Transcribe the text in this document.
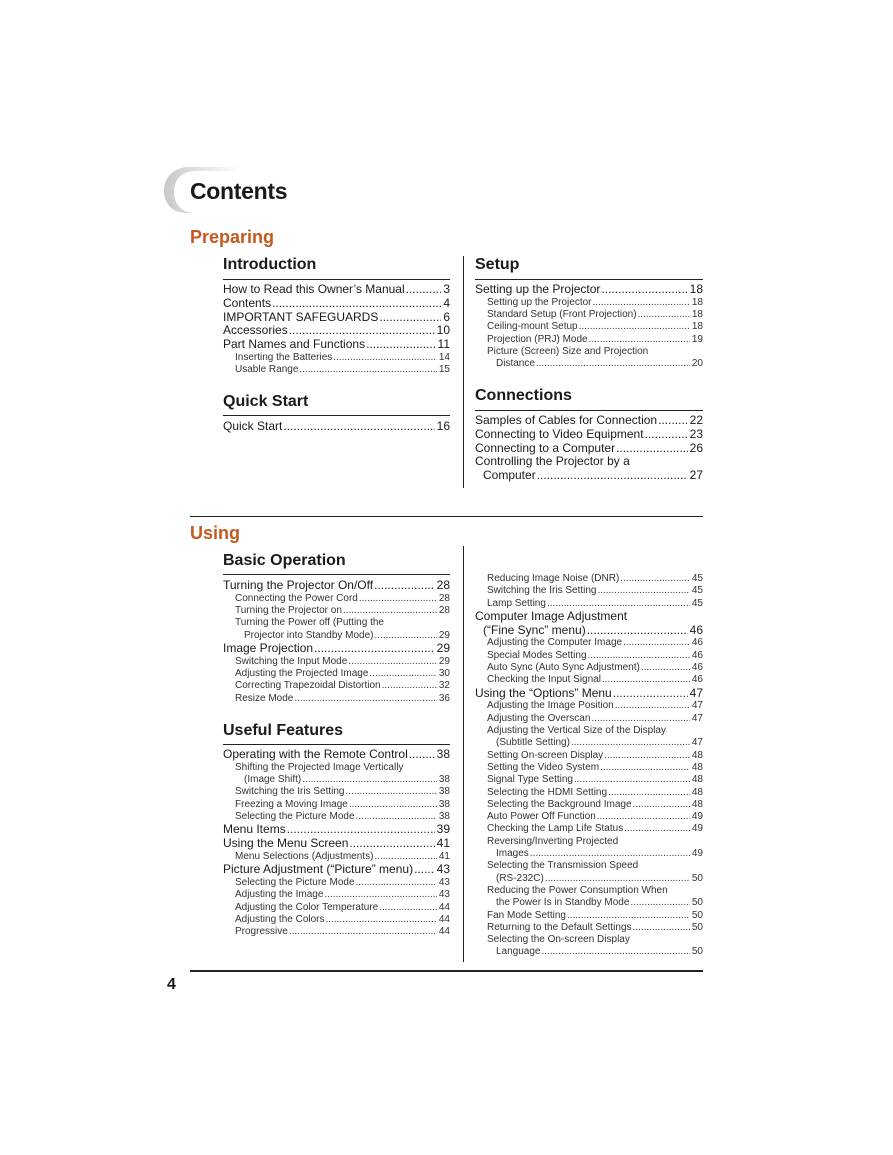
Contents
Preparing
Introduction
How to Read this Owner’s Manual .....	3
Contents .....	4
IMPORTANT SAFEGUARDS .....	6
Accessories .....	10
Part Names and Functions .....	11
Inserting the Batteries .....	14
Usable Range .....	15
Quick Start
Quick Start .....	16
Setup
Setting up the Projector .....	18
Setting up the Projector .....	18
Standard Setup (Front Projection) .....	18
Ceiling-mount Setup .....	18
Projection (PRJ) Mode .....	19
Picture (Screen) Size and Projection
Distance .....	20
Connections
Samples of Cables for Connection .....	22
Connecting to Video Equipment .....	23
Connecting to a Computer .....	26
Controlling the Projector by a
Computer .....	27
Using
Basic Operation
Turning the Projector On/Off .....	28
Connecting the Power Cord .....	28
Turning the Projector on .....	28
Turning the Power off (Putting the
Projector into Standby Mode) .....	29
Image Projection .....	29
Switching the Input Mode .....	29
Adjusting the Projected Image .....	30
Correcting Trapezoidal Distortion .....	32
Resize Mode .....	36
Useful Features
Operating with the Remote Control ..... 38
Shifting the Projected Image Vertically
(Image Shift) .....	38
Switching the Iris Setting .....	38
Freezing a Moving Image .....	38
Selecting the Picture Mode .....	38
Menu Items .....	39
Using the Menu Screen .....	41
Menu Selections (Adjustments) .....	41
Picture Adjustment (“Picture” menu) ..... 43
Selecting the Picture Mode .....	43
Adjusting the Image .....	43
Adjusting the Color Temperature .....	44
Adjusting the Colors .....	44
Progressive .....	44
Reducing Image Noise (DNR) .....	45
Switching the Iris Setting .....	45
Lamp Setting .....	45
Computer Image Adjustment
(“Fine Sync” menu) .....	46
Adjusting the Computer Image .....	46
Special Modes Setting .....	46
Auto Sync (Auto Sync Adjustment) .....	46
Checking the Input Signal .....	46
Using the “Options” Menu .....	47
Adjusting the Image Position .....	47
Adjusting the Overscan .....	47
Adjusting the Vertical Size of the Display
(Subtitle Setting) .....	47
Setting On-screen Display .....	48
Setting the Video System .....	48
Signal Type Setting .....	48
Selecting the HDMI Setting .....	48
Selecting the Background Image .....	48
Auto Power Off Function .....	49
Checking the Lamp Life Status .....	49
Reversing/Inverting Projected
Images .....	49
Selecting the Transmission Speed
(RS-232C) .....	50
Reducing the Power Consumption When
the Power Is in Standby Mode .....	50
Fan Mode Setting .....	50
Returning to the Default Settings .....	50
Selecting the On-screen Display
Language .....	50
4
